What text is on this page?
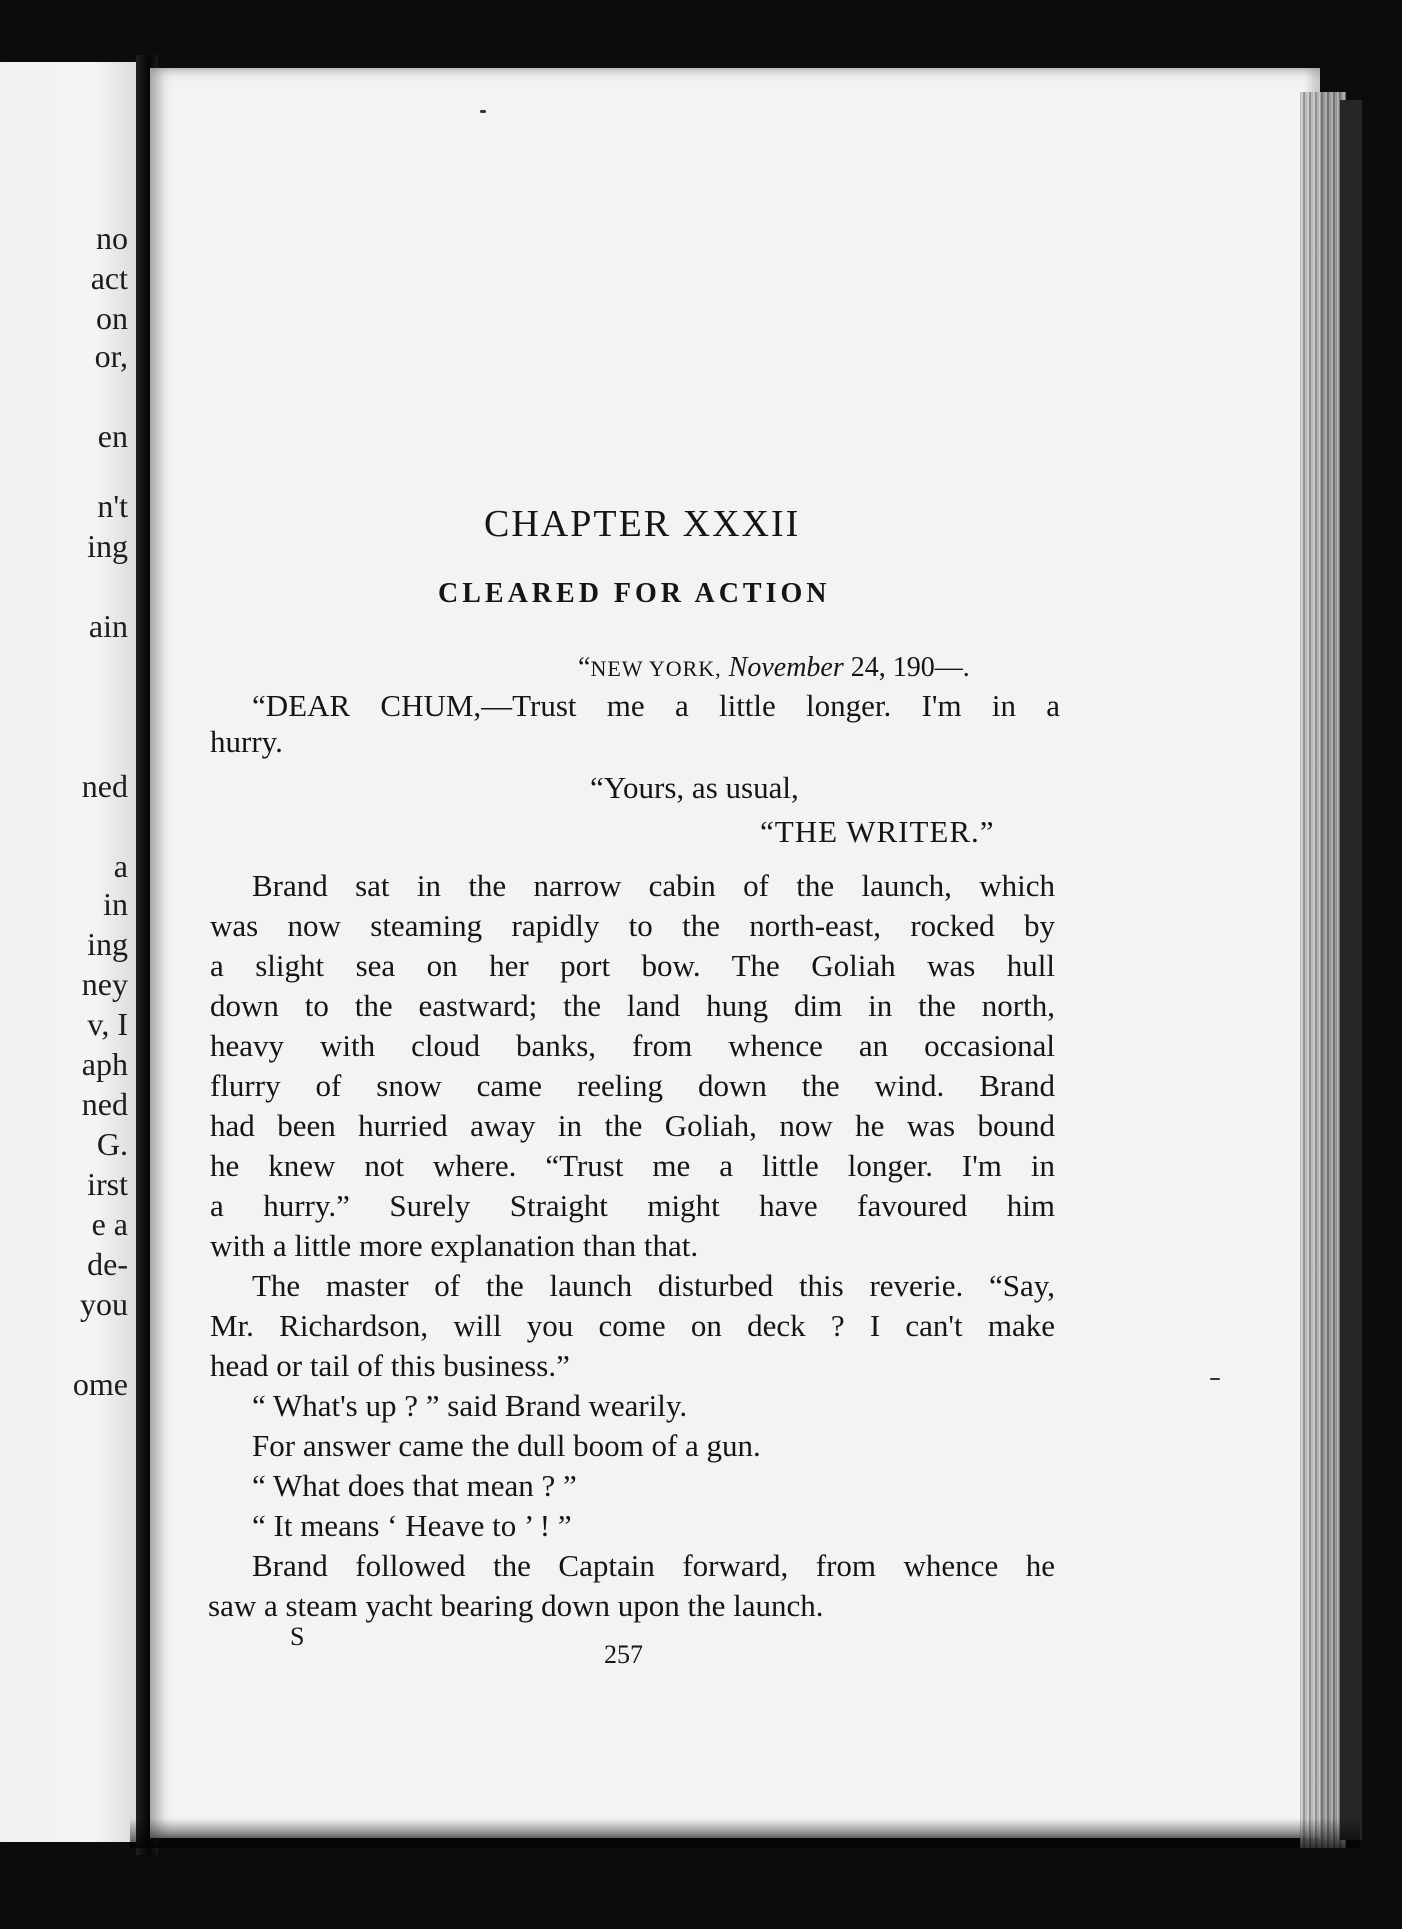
no
act
on
or,
en
n't
ing
ain
ned
a
in
ing
ney
v, I
aph
ned
G.
irst
e a
de-
you
ome
CHAPTER XXXII
CLEARED FOR ACTION
“NEW YORK, November 24, 190—.
“DEAR CHUM,—Trust me a little longer. I'm in a
hurry.
“Yours, as usual,
“THE WRITER.”
Brand sat in the narrow cabin of the launch, which
was now steaming rapidly to the north-east, rocked by
a slight sea on her port bow. The Goliah was hull
down to the eastward; the land hung dim in the north,
heavy with cloud banks, from whence an occasional
flurry of snow came reeling down the wind. Brand
had been hurried away in the Goliah, now he was bound
he knew not where. “Trust me a little longer. I'm in
a hurry.” Surely Straight might have favoured him
with a little more explanation than that.
The master of the launch disturbed this reverie. “Say,
Mr. Richardson, will you come on deck ? I can't make
head or tail of this business.”
“ What's up ? ” said Brand wearily.
For answer came the dull boom of a gun.
“ What does that mean ? ”
“ It means ‘ Heave to ’ ! ”
Brand followed the Captain forward, from whence he
saw a steam yacht bearing down upon the launch.
S
257
